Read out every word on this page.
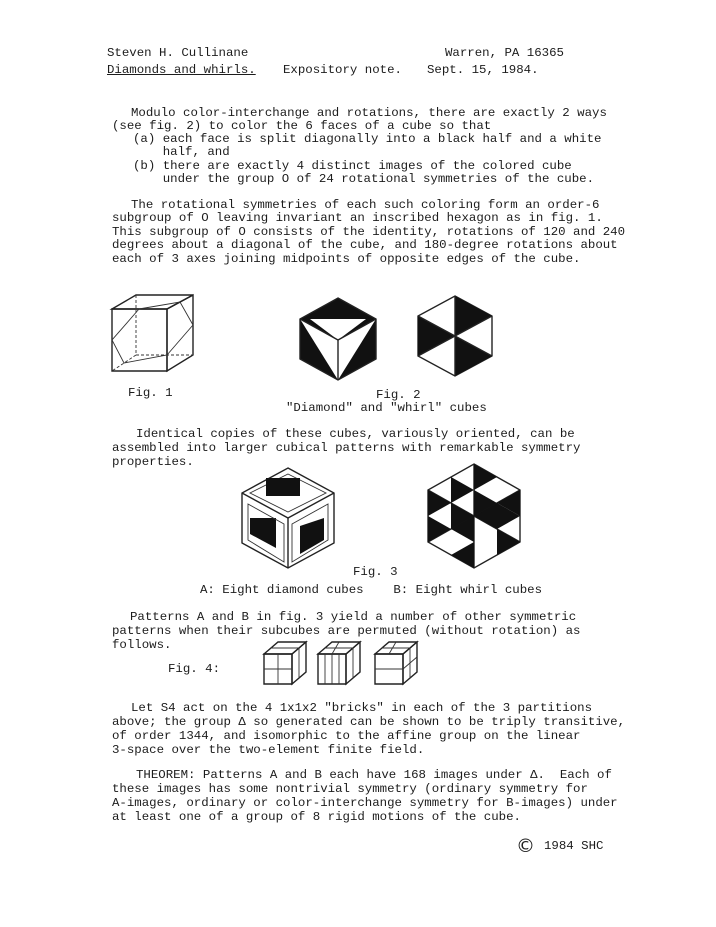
Steven H. Cullinane	Warren, PA 16365
Diamonds and whirls. Expository note. Sept. 15, 1984.
Modulo color-interchange and rotations, there are exactly 2 ways
(see fig. 2) to color the 6 faces of a cube so that
(a) each face is split diagonally into a black half and a white
half, and
(b) there are exactly 4 distinct images of the colored cube
under the group O of 24 rotational symmetries of the cube.
The rotational symmetries of each such coloring form an order-6
subgroup of O leaving invariant an inscribed hexagon as in fig. 1.
This subgroup of O consists of the identity, rotations of 120 and 240
degrees about a diagonal of the cube, and 180-degree rotations about
each of 3 axes joining midpoints of opposite edges of the cube.
Fig. 1	Fig. 2
"Diamond" and "whirl" cubes
Identical copies of these cubes, variously oriented, can be
assembled into larger cubical patterns with remarkable symmetry
properties.
Fig. 3
A: Eight diamond cubes    B: Eight whirl cubes
Patterns A and B in fig. 3 yield a number of other symmetric
patterns when their subcubes are permuted (without rotation) as
follows.
Fig. 4:
Let S4 act on the 4 1x1x2 "bricks" in each of the 3 partitions
above; the group Δ so generated can be shown to be triply transitive,
of order 1344, and isomorphic to the affine group on the linear
3-space over the two-element finite field.
THEOREM: Patterns A and B each have 168 images under Δ.  Each of
these images has some nontrivial symmetry (ordinary symmetry for
A-images, ordinary or color-interchange symmetry for B-images) under
at least one of a group of 8 rigid motions of the cube.
© 1984 SHC
